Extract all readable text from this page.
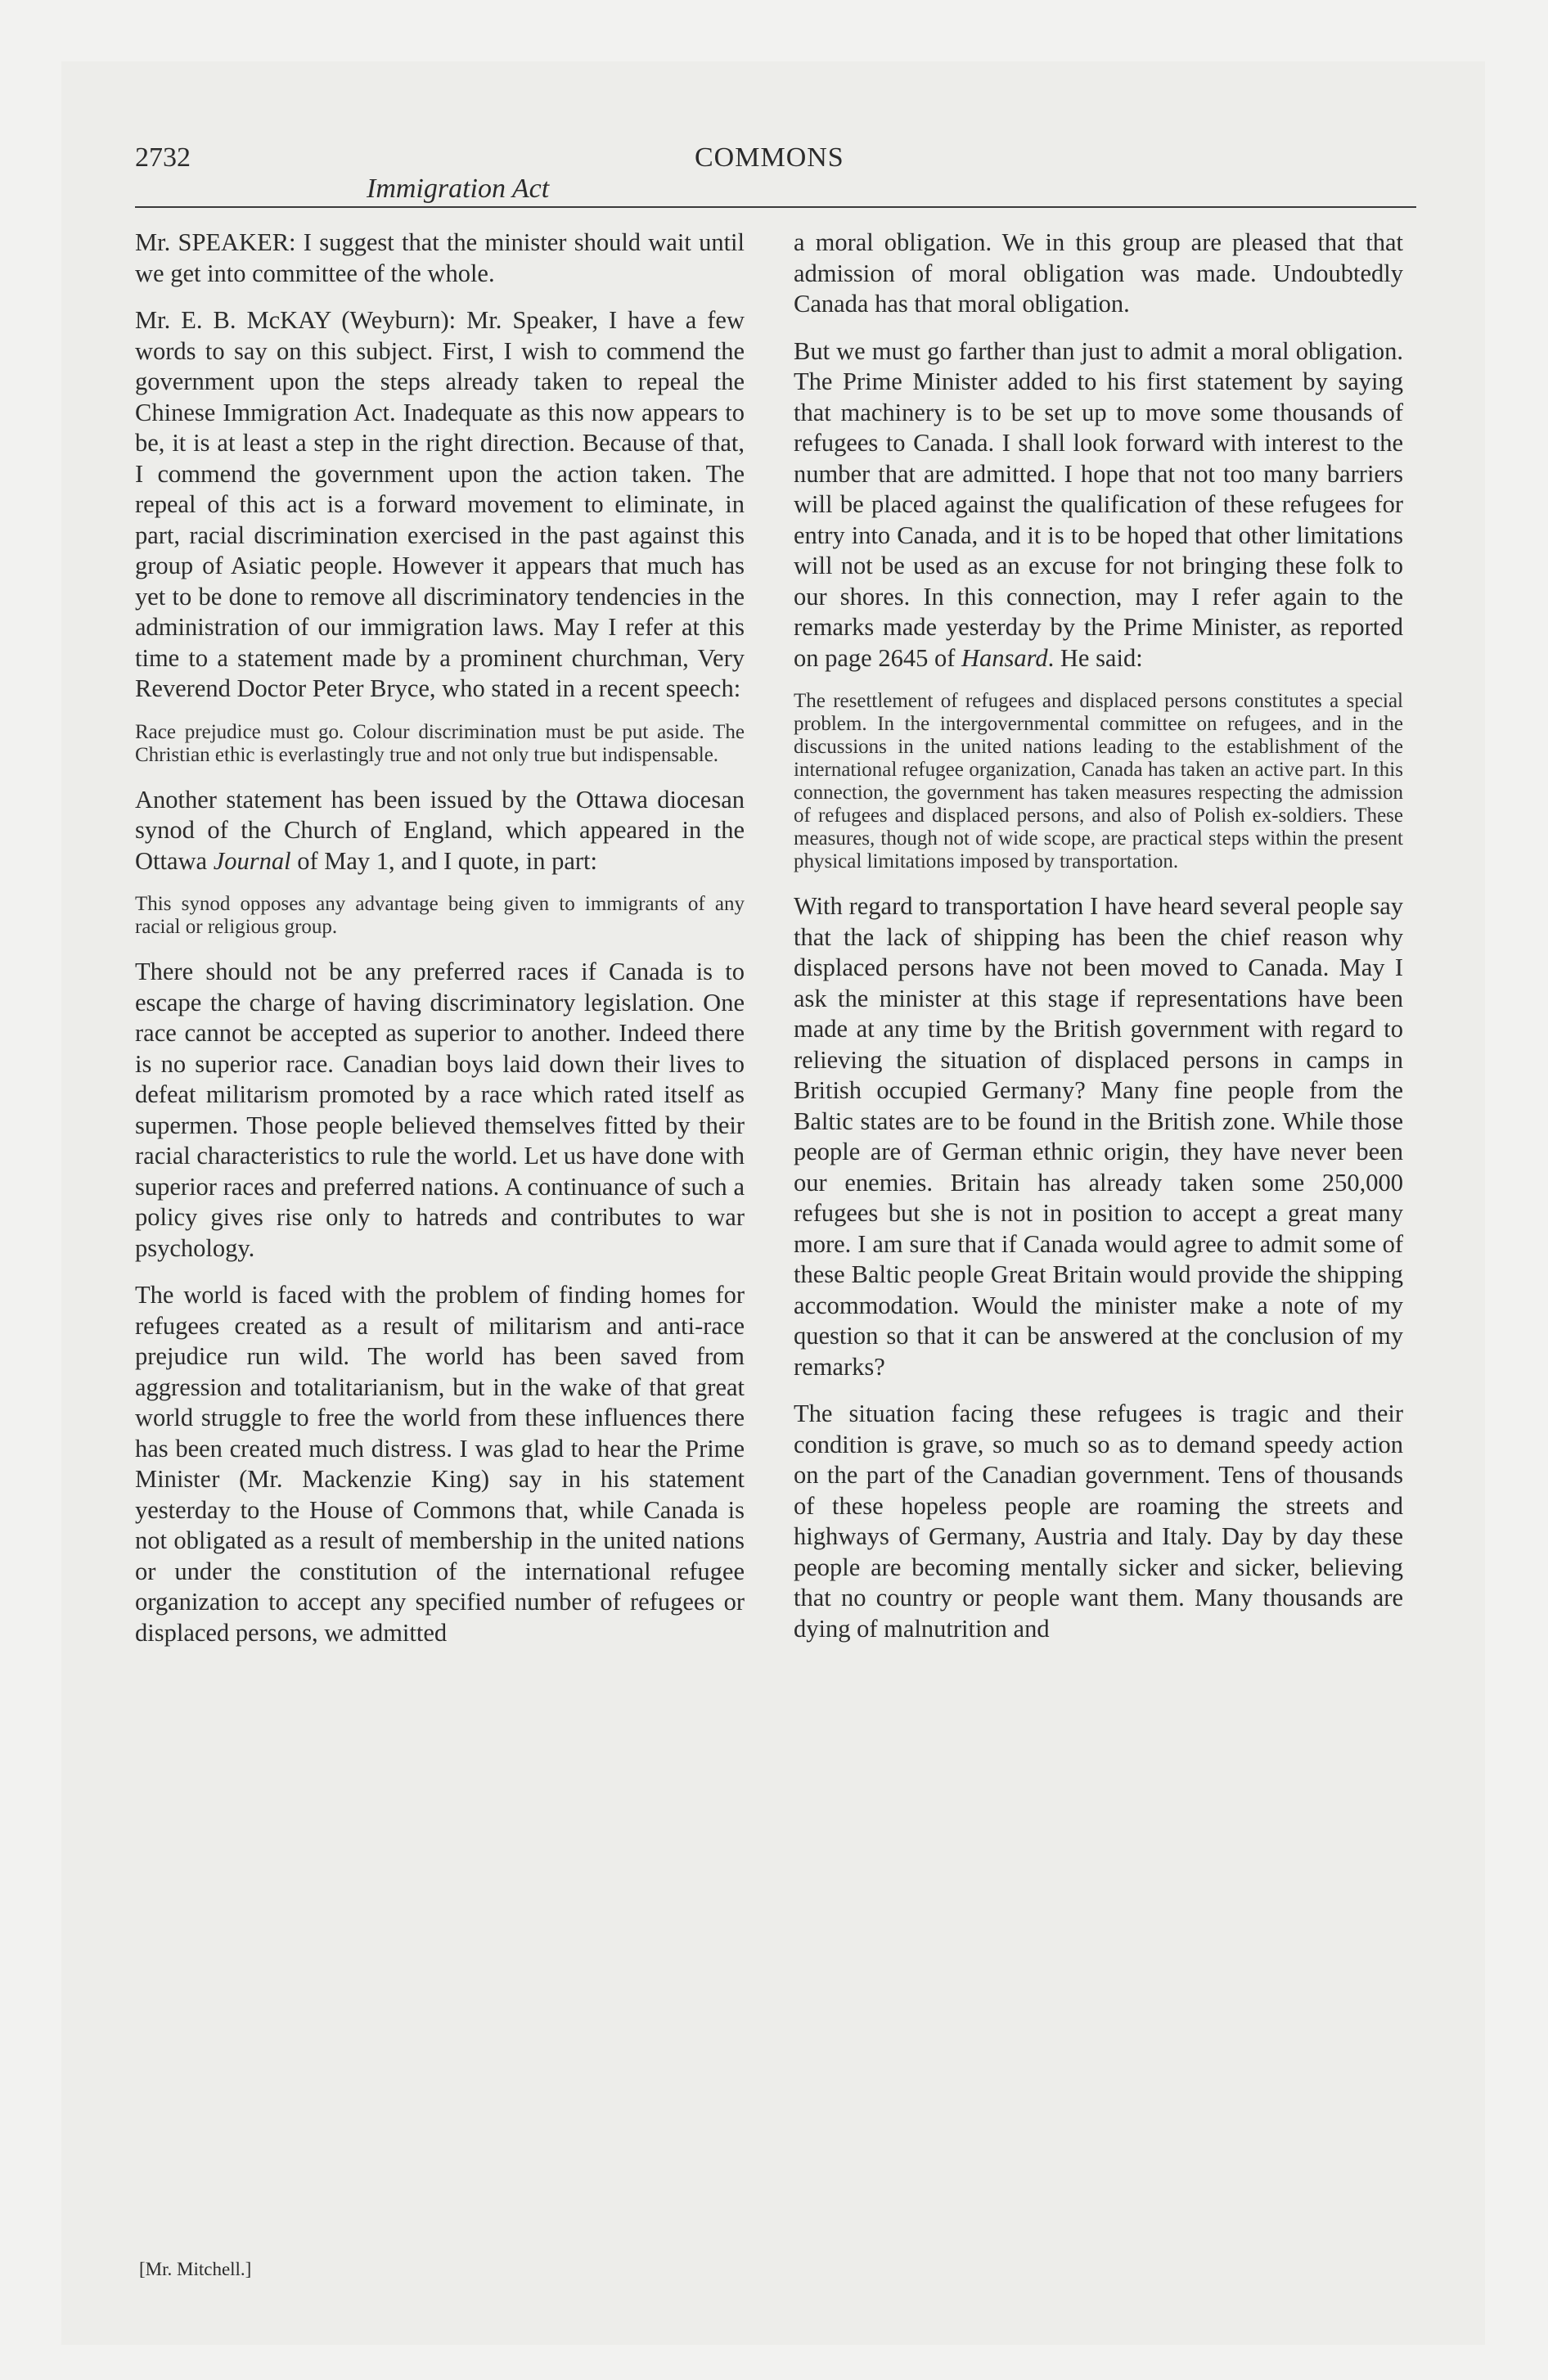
2732
Immigration Act
COMMONS

Mr. SPEAKER: I suggest that the minister should wait until we get into committee of the whole.

Mr. E. B. McKAY (Weyburn): Mr. Speaker, I have a few words to say on this subject. First, I wish to commend the government upon the steps already taken to repeal the Chinese Immigration Act. Inadequate as this now appears to be, it is at least a step in the right direction. Because of that, I commend the government upon the action taken. The repeal of this act is a forward movement to eliminate, in part, racial discrimination exercised in the past against this group of Asiatic people. However it appears that much has yet to be done to remove all discriminatory tendencies in the administration of our immigration laws. May I refer at this time to a statement made by a prominent churchman, Very Reverend Doctor Peter Bryce, who stated in a recent speech:

Race prejudice must go. Colour discrimination must be put aside. The Christian ethic is everlastingly true and not only true but indispensable.

Another statement has been issued by the Ottawa diocesan synod of the Church of England, which appeared in the Ottawa Journal of May 1, and I quote, in part:

This synod opposes any advantage being given to immigrants of any racial or religious group.

There should not be any preferred races if Canada is to escape the charge of having discriminatory legislation. One race cannot be accepted as superior to another. Indeed there is no superior race. Canadian boys laid down their lives to defeat militarism promoted by a race which rated itself as supermen. Those people believed themselves fitted by their racial characteristics to rule the world. Let us have done with superior races and preferred nations. A continuance of such a policy gives rise only to hatreds and contributes to war psychology.

The world is faced with the problem of finding homes for refugees created as a result of militarism and anti-race prejudice run wild. The world has been saved from aggression and totalitarianism, but in the wake of that great world struggle to free the world from these influences there has been created much distress. I was glad to hear the Prime Minister (Mr. Mackenzie King) say in his statement yesterday to the House of Commons that, while Canada is not obligated as a result of membership in the united nations or under the constitution of the international refugee organization to accept any specified number of refugees or displaced persons, we admitted

a moral obligation. We in this group are pleased that that admission of moral obligation was made. Undoubtedly Canada has that moral obligation.

But we must go farther than just to admit a moral obligation. The Prime Minister added to his first statement by saying that machinery is to be set up to move some thousands of refugees to Canada. I shall look forward with interest to the number that are admitted. I hope that not too many barriers will be placed against the qualification of these refugees for entry into Canada, and it is to be hoped that other limitations will not be used as an excuse for not bringing these folk to our shores. In this connection, may I refer again to the remarks made yesterday by the Prime Minister, as reported on page 2645 of Hansard. He said:

The resettlement of refugees and displaced persons constitutes a special problem. In the intergovernmental committee on refugees, and in the discussions in the united nations leading to the establishment of the international refugee organization, Canada has taken an active part. In this connection, the government has taken measures respecting the admission of refugees and displaced persons, and also of Polish ex-soldiers. These measures, though not of wide scope, are practical steps within the present physical limitations imposed by transportation.

With regard to transportation I have heard several people say that the lack of shipping has been the chief reason why displaced persons have not been moved to Canada. May I ask the minister at this stage if representations have been made at any time by the British government with regard to relieving the situation of displaced persons in camps in British occupied Germany? Many fine people from the Baltic states are to be found in the British zone. While those people are of German ethnic origin, they have never been our enemies. Britain has already taken some 250,000 refugees but she is not in position to accept a great many more. I am sure that if Canada would agree to admit some of these Baltic people Great Britain would provide the shipping accommodation. Would the minister make a note of my question so that it can be answered at the conclusion of my remarks?

The situation facing these refugees is tragic and their condition is grave, so much so as to demand speedy action on the part of the Canadian government. Tens of thousands of these hopeless people are roaming the streets and highways of Germany, Austria and Italy. Day by day these people are becoming mentally sicker and sicker, believing that no country or people want them. Many thousands are dying of malnutrition and

[Mr. Mitchell.]
